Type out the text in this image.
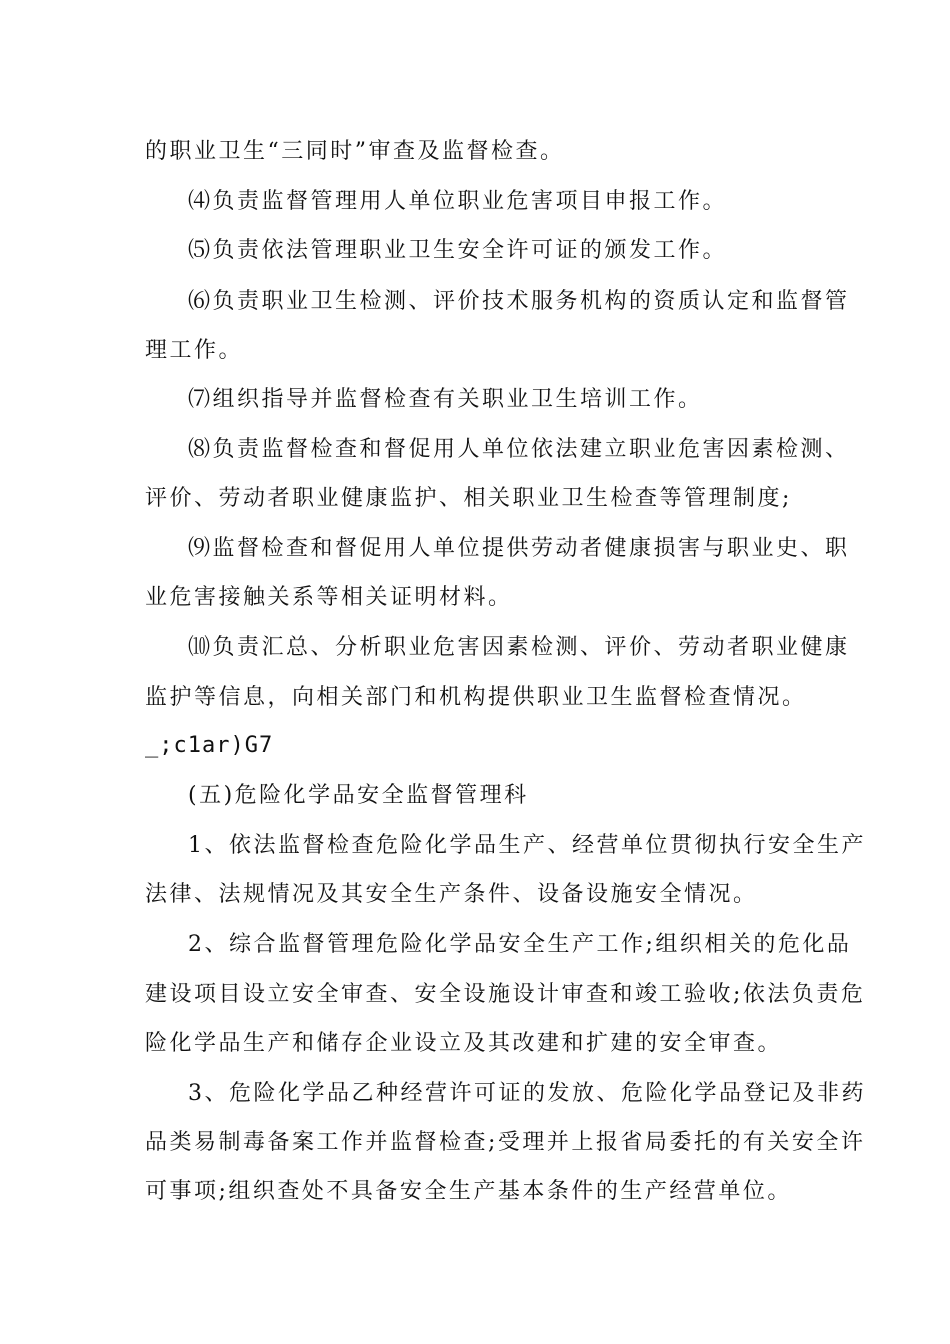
的职业卫生“三同时”审查及监督检查。
⑷负责监督管理用人单位职业危害项目申报工作。
⑸负责依法管理职业卫生安全许可证的颁发工作。
⑹负责职业卫生检测、评价技术服务机构的资质认定和监督管
理工作。
⑺组织指导并监督检查有关职业卫生培训工作。
⑻负责监督检查和督促用人单位依法建立职业危害因素检测、
评价、劳动者职业健康监护、相关职业卫生检查等管理制度;
⑼监督检查和督促用人单位提供劳动者健康损害与职业史、职
业危害接触关系等相关证明材料。
⑽负责汇总、分析职业危害因素检测、评价、劳动者职业健康
监护等信息，向相关部门和机构提供职业卫生监督检查情况。
_;c1ar)G7
(五)危险化学品安全监督管理科
1、依法监督检查危险化学品生产、经营单位贯彻执行安全生产
法律、法规情况及其安全生产条件、设备设施安全情况。
2、综合监督管理危险化学品安全生产工作;组织相关的危化品
建设项目设立安全审查、安全设施设计审查和竣工验收;依法负责危
险化学品生产和储存企业设立及其改建和扩建的安全审查。
3、危险化学品乙种经营许可证的发放、危险化学品登记及非药
品类易制毒备案工作并监督检查;受理并上报省局委托的有关安全许
可事项;组织查处不具备安全生产基本条件的生产经营单位。
